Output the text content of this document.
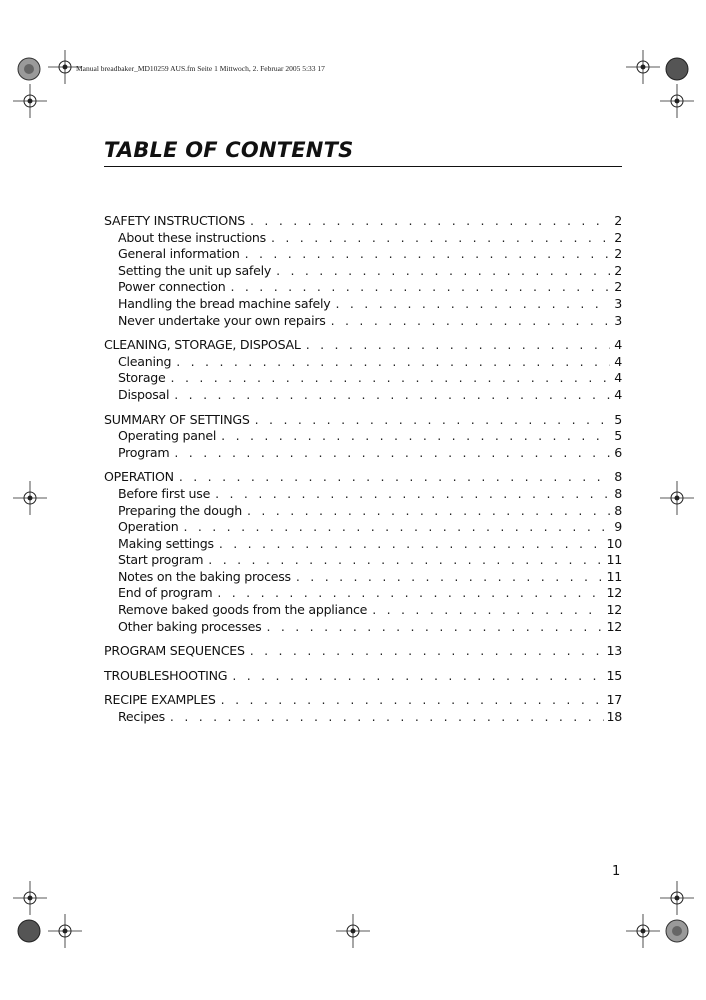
Manual breadbaker_MD10259 AUS.fm Seite 1 Mittwoch, 2. Februar 2005 5:33 17
TABLE OF CONTENTS
SAFETY INSTRUCTIONS . . .	2
About these instructions . . .	2
General information . . .	2
Setting the unit up safely . . .	2
Power connection . . .	2
Handling the bread machine safely . . .	3
Never undertake your own repairs . . .	3
CLEANING, STORAGE, DISPOSAL . . .	4
Cleaning . . .	4
Storage . . .	4
Disposal . . .	4
SUMMARY OF SETTINGS . . .	5
Operating panel . . .	5
Program . . .	6
OPERATION . . .	8
Before first use . . .	8
Preparing the dough . . .	8
Operation . . .	9
Making settings . . .	10
Start program . . .	11
Notes on the baking process . . .	11
End of program . . .	12
Remove baked goods from the appliance . . .	12
Other baking processes . . .	12
PROGRAM SEQUENCES . . .	13
TROUBLESHOOTING . . .	15
RECIPE EXAMPLES . . .	17
Recipes . . .	18
1
